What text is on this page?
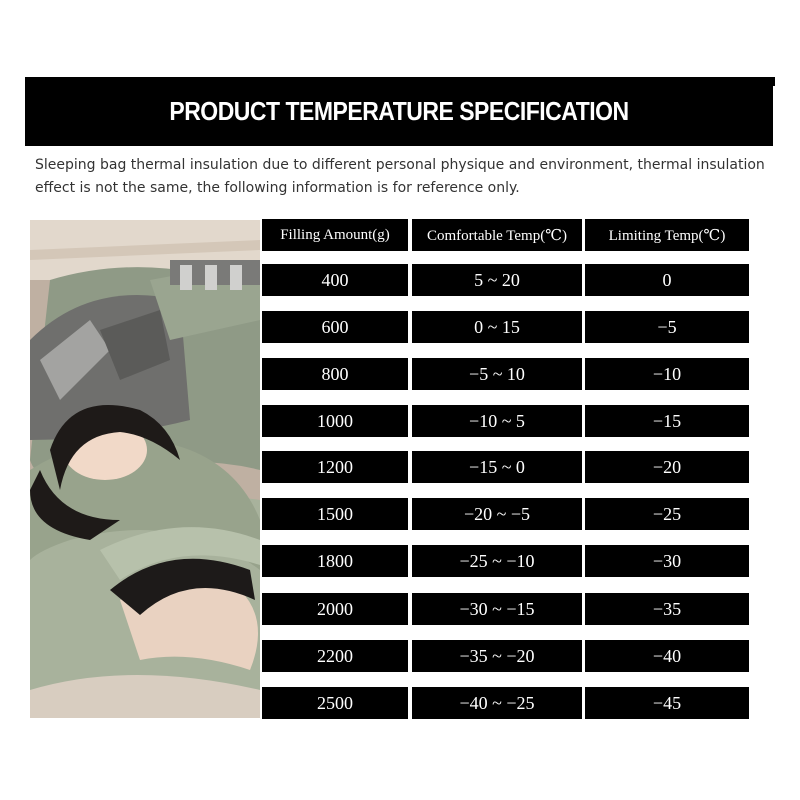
PRODUCT TEMPERATURE SPECIFICATION
Sleeping bag thermal insulation due to different personal physique and environment, thermal insulation effect is not the same, the following information is for reference only.
Filling Amount(g)	Comfortable Temp(℃)	Limiting Temp(℃)
400	5 ~ 20	0
600	0 ~ 15	−5
800	−5 ~ 10	−10
1000	−10 ~ 5	−15
1200	−15 ~ 0	−20
1500	−20 ~ −5	−25
1800	−25 ~ −10	−30
2000	−30 ~ −15	−35
2200	−35 ~ −20	−40
2500	−40 ~ −25	−45
